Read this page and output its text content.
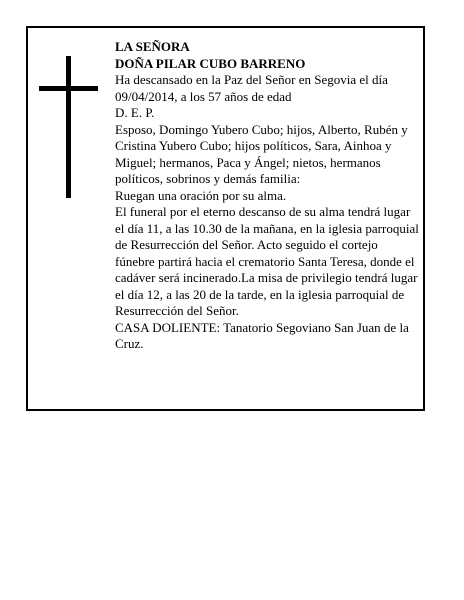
LA SEÑORA

DOÑA PILAR CUBO BARRENO

Ha descansado en la Paz del Señor en Segovia el día 09/04/2014, a los 57 años de edad

D. E. P.

Esposo, Domingo Yubero Cubo; hijos, Alberto, Rubén y Cristina Yubero Cubo; hijos políticos, Sara, Ainhoa y Miguel; hermanos, Paca y Ángel; nietos, hermanos políticos, sobrinos y demás familia:

Ruegan una oración por su alma.

El funeral por el eterno descanso de su alma tendrá lugar el día 11, a las 10.30 de la mañana, en la iglesia parroquial de Resurrección del Señor. Acto seguido el cortejo fúnebre partirá hacia el crematorio Santa Teresa, donde el cadáver será incinerado.La misa de privilegio tendrá lugar el día 12, a las 20 de la tarde, en la iglesia parroquial de Resurrección del Señor.

CASA DOLIENTE: Tanatorio Segoviano San Juan de la Cruz.
